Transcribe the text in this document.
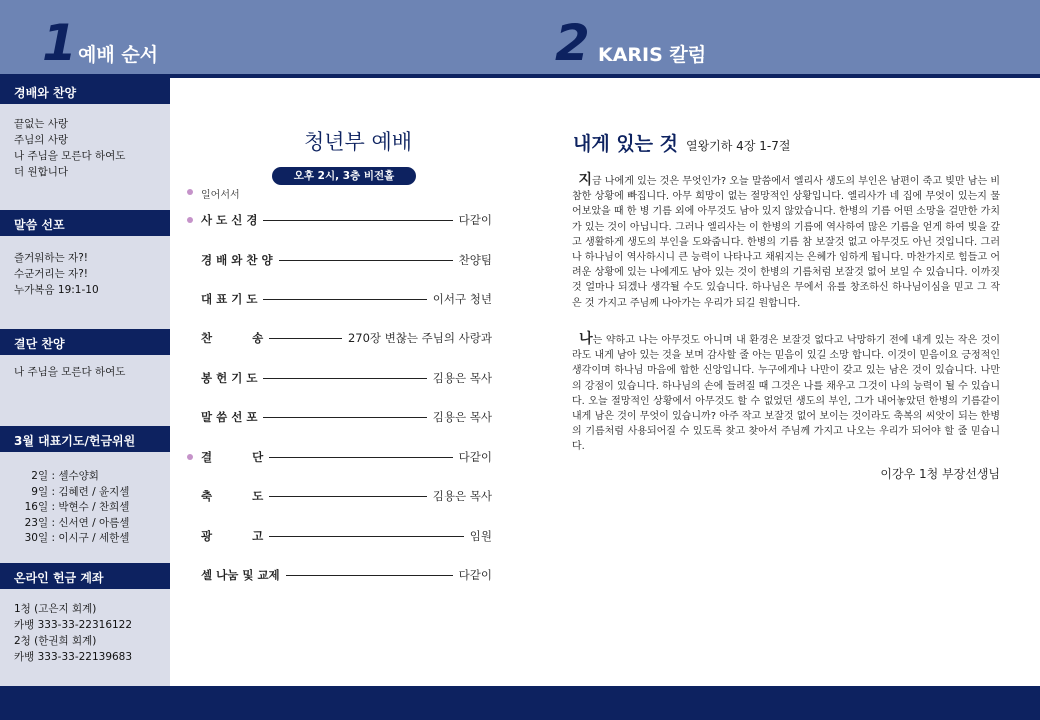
1 예배 순서	2 KARIS 칼럼
경배와 찬양
끝없는 사랑
주님의 사랑
나 주님을 모른다 하여도
더 원합니다
말씀 선포
즐거워하는 자?!
수군거리는 자?!
누가복음 19:1-10
결단 찬양
나 주님을 모른다 하여도
3월 대표기도/헌금위원
2일 :
셀수양회
9일 :
김혜련 / 윤지셀
16일 :
박현수 / 찬희셀
23일 :
신서연 / 아름셀
30일 :
이시구 / 세한셀
온라인 헌금 계좌
1청 (고은지 회계)
카뱅 333-33-22316122
2청 (한권희 회계)
카뱅 333-33-22139683
청년부 예배
오후 2시, 3층 비전홀
일어서서
사 도 신 경	다같이
경 배 와 찬 양	찬양팀
대 표 기 도	이서구 청년
찬          송	270장 변찮는 주님의 사랑과
봉 헌 기 도	김용은 목사
말 씀 선 포	김용은 목사
결          단	다같이
축          도	김용은 목사
광          고	임원
셀 나눔 및 교제	다같이
내게 있는 것 열왕기하 4장 1-7절
지금 나에게 있는 것은 무엇인가? 오늘 말씀에서 엘리사 생도의 부인은 남편이 죽고 빚만 남는 비참한 상황에 빠집니다. 아무 희망이 없는 절망적인 상황입니다. 엘리사가 네 집에 무엇이 있는지 물어보았을 때 한 병 기름 외에 아무것도 남아 있지 않았습니다. 한병의 기름 어떤 소망을 걸만한 가치가 있는 것이 아닙니다. 그러나 엘리사는 이 한병의 기름에 역사하여 많은 기름을 얻게 하여 빚을 갚고 생활하게 생도의 부인을 도와줍니다. 한병의 기름 참 보잘것 없고 아무것도 아닌 것입니다. 그러나 하나님이 역사하시니 큰 능력이 나타나고 채워지는 은혜가 임하게 됩니다. 마찬가지로 힘들고 어려운 상황에 있는 나에게도 남아 있는 것이 한병의 기름처럼 보잘것 없어 보일 수 있습니다. 이까짓것 얼마나 되겠나 생각될 수도 있습니다. 하나님은 무에서 유를 창조하신 하나님이심을 믿고 그 작은 것 가지고 주님께 나아가는 우리가 되길 원합니다.
나는 약하고 나는 아무것도 아니며 내 환경은 보잘것 없다고 낙망하기 전에 내게 있는 작은 것이라도 내게 남아 있는 것을 보며 감사할 줄 아는 믿음이 있길 소망 합니다. 이것이 믿음이요 긍정적인 생각이며 하나님 마음에 합한 신앙입니다. 누구에게나 나만이 갖고 있는 남은 것이 있습니다. 나만의 강점이 있습니다. 하나님의 손에 들려질 때 그것은 나를 채우고 그것이 나의 능력이 될 수 있습니다. 오늘 절망적인 상황에서 아무것도 할 수 없었던 생도의 부인, 그가 내어놓았던 한병의 기름같이 내게 남은 것이 무엇이 있습니까? 아주 작고 보잘것 없어 보이는 것이라도 축복의 씨앗이 되는 한병의 기름처럼 사용되어질 수 있도록 찾고 찾아서 주님께 가지고 나오는 우리가 되어야 할 줄 믿습니다.
이강우 1청 부장선생님
